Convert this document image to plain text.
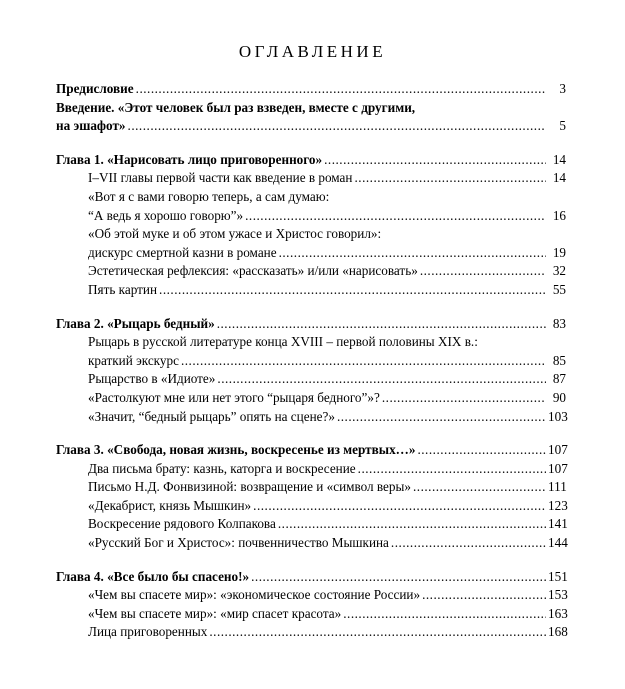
ОГЛАВЛЕНИЕ
Предисловие .....	3
Введение. «Этот человек был раз взведен, вместе с другими,
на эшафот» .....	5
Глава 1. «Нарисовать лицо приговоренного» .....	14
I–VII главы первой части как введение в роман .....	14
«Вот я с вами говорю теперь, а сам думаю:
“А ведь я хорошо говорю”» .....	16
«Об этой муке и об этом ужасе и Христос говорил»:
дискурс смертной казни в романе .....	19
Эстетическая рефлексия: «рассказать» и/или «нарисовать» .....	32
Пять картин .....	55
Глава 2. «Рыцарь бедный» .....	83
Рыцарь в русской литературе конца XVIII – первой половины XIX в.:
краткий экскурс .....	85
Рыцарство в «Идиоте» .....	87
«Растолкуют мне или нет этого “рыцаря бедного”»? .....	90
«Значит, “бедный рыцарь” опять на сцене?» .....	103
Глава 3. «Свобода, новая жизнь, воскресенье из мертвых…» .....	107
Два письма брату: казнь, каторга и воскресение .....	107
Письмо Н.Д. Фонвизиной: возвращение и «символ веры» .....	111
«Декабрист, князь Мышкин» .....	123
Воскресение рядового Колпакова .....	141
«Русский Бог и Христос»: почвенничество Мышкина .....	144
Глава 4. «Все было бы спасено!» .....	151
«Чем вы спасете мир»: «экономическое состояние России» .....	153
«Чем вы спасете мир»: «мир спасет красота» .....	163
Лица приговоренных .....	168
